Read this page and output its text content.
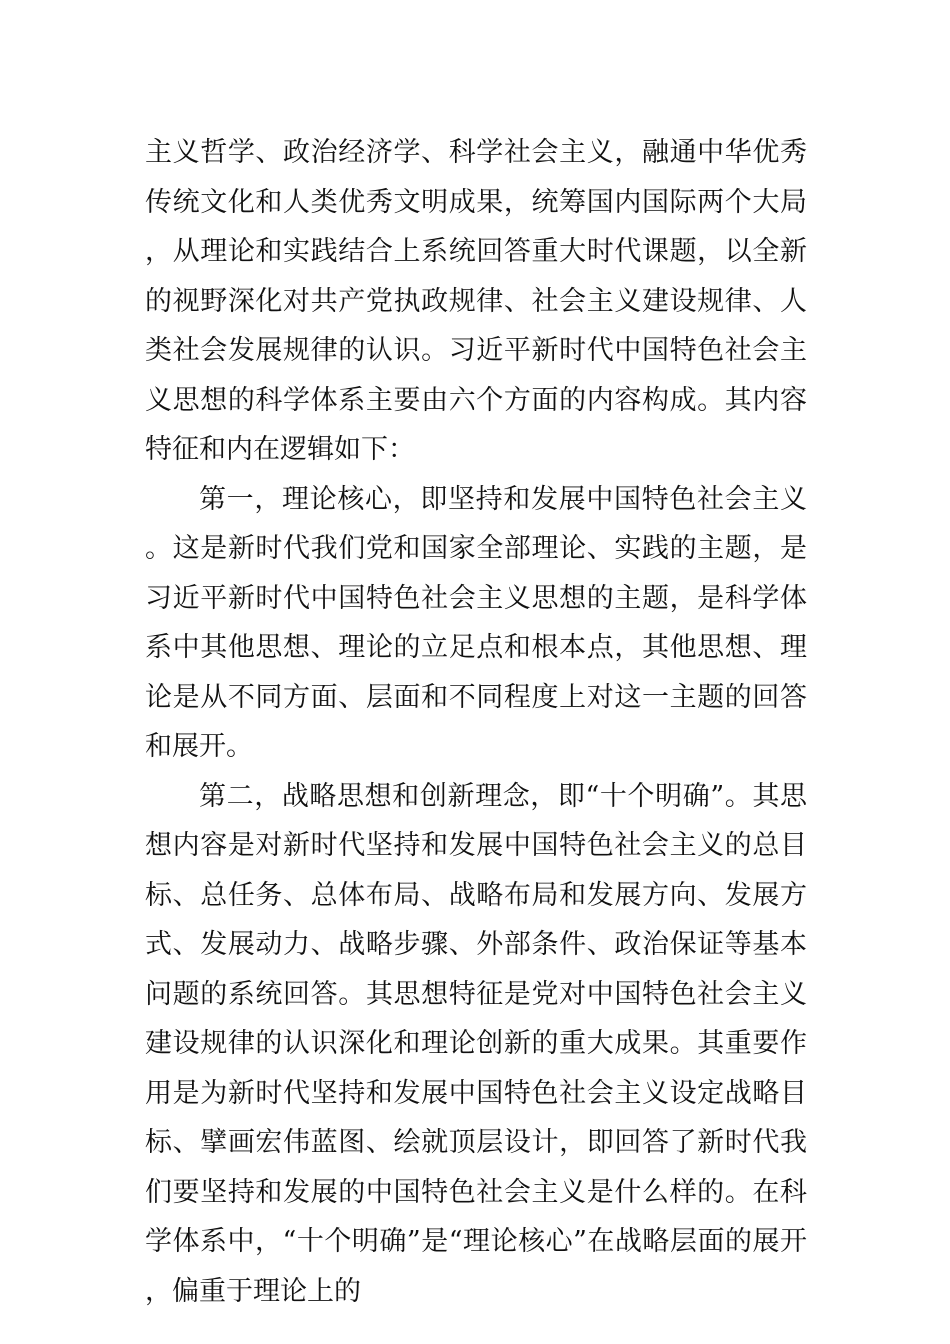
主义哲学、政治经济学、科学社会主义，融通中华优秀传统文化和人类优秀文明成果，统筹国内国际两个大局，从理论和实践结合上系统回答重大时代课题，以全新的视野深化对共产党执政规律、社会主义建设规律、人类社会发展规律的认识。习近平新时代中国特色社会主义思想的科学体系主要由六个方面的内容构成。其内容特征和内在逻辑如下：

第一，理论核心，即坚持和发展中国特色社会主义。这是新时代我们党和国家全部理论、实践的主题，是习近平新时代中国特色社会主义思想的主题，是科学体系中其他思想、理论的立足点和根本点，其他思想、理论是从不同方面、层面和不同程度上对这一主题的回答和展开。

第二，战略思想和创新理念，即“十个明确”。其思想内容是对新时代坚持和发展中国特色社会主义的总目标、总任务、总体布局、战略布局和发展方向、发展方式、发展动力、战略步骤、外部条件、政治保证等基本问题的系统回答。其思想特征是党对中国特色社会主义建设规律的认识深化和理论创新的重大成果。其重要作用是为新时代坚持和发展中国特色社会主义设定战略目标、擘画宏伟蓝图、绘就顶层设计，即回答了新时代我们要坚持和发展的中国特色社会主义是什么样的。在科学体系中，“十个明确”是“理论核心”在战略层面的展开，偏重于理论上的
